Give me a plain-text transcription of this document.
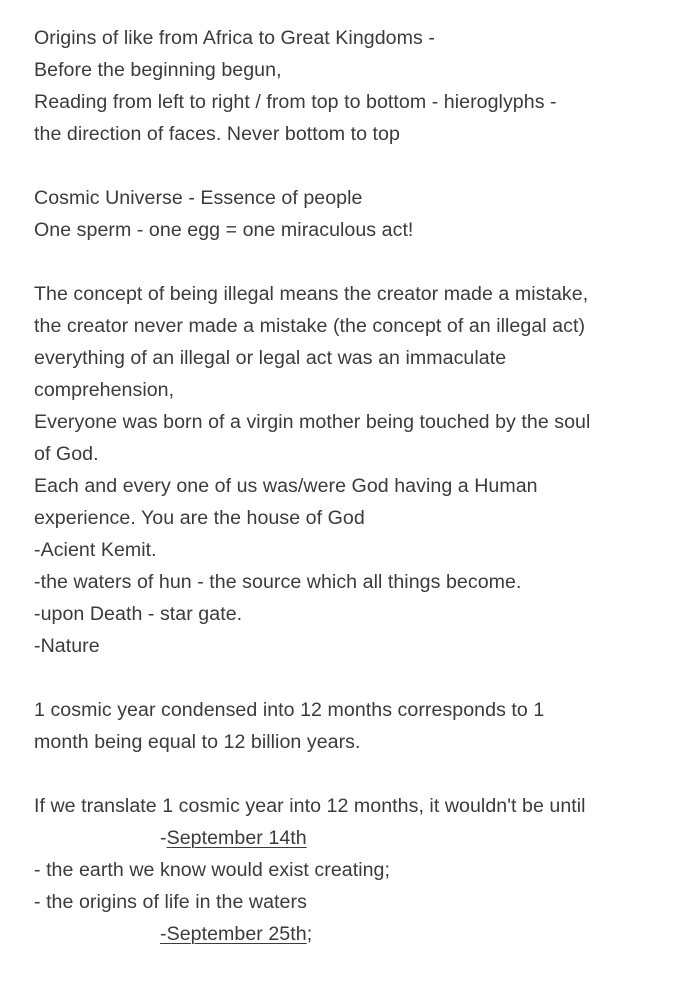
Origins of like from Africa to Great Kingdoms -
Before the beginning begun,
Reading from left to right / from top to bottom - hieroglyphs -
the direction of faces. Never bottom to top
Cosmic Universe - Essence of people
One sperm - one egg = one miraculous act!
The concept of being illegal means the creator made a mistake,
the creator never made a mistake (the concept of an illegal act)
everything of an illegal or legal act was an immaculate
comprehension,
Everyone was born of a virgin mother being touched by the soul
of God.
Each and every one of us was/were God having a Human
experience. You are the house of God
-Acient Kemit.
-the waters of hun - the source which all things become.
-upon Death - star gate.
-Nature
1 cosmic year condensed into 12 months corresponds to 1
month being equal to 12 billion years.
If we translate 1 cosmic year into 12 months, it wouldn't be until
-September 14th
- the earth we know would exist creating;
- the origins of life in the waters
-September 25th;
